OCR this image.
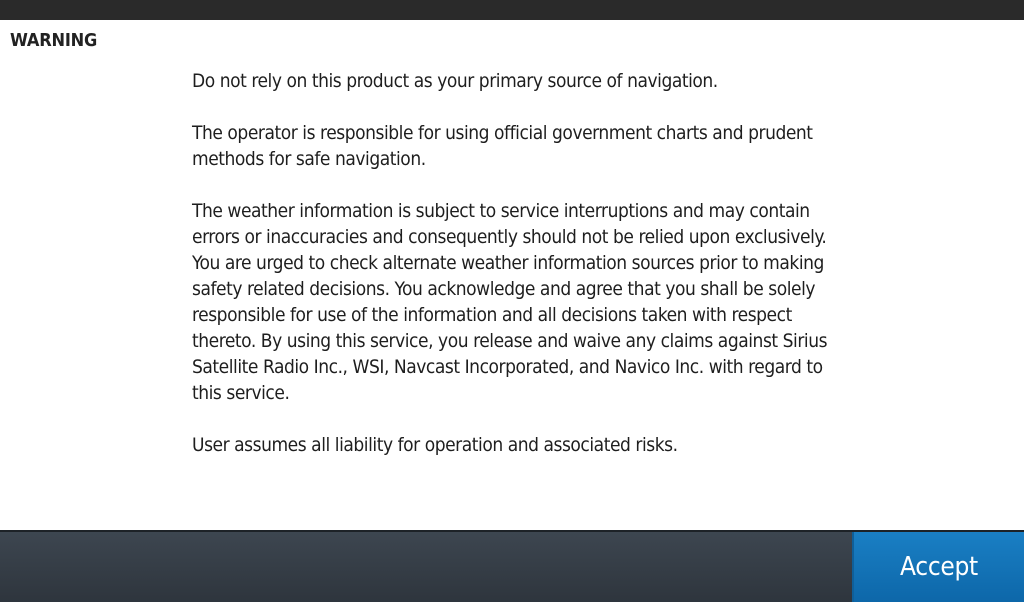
WARNING

Do not rely on this product as your primary source of navigation.

The operator is responsible for using official government charts and prudent methods for safe navigation.

The weather information is subject to service interruptions and may contain errors or inaccuracies and consequently should not be relied upon exclusively. You are urged to check alternate weather information sources prior to making safety related decisions. You acknowledge and agree that you shall be solely responsible for use of the information and all decisions taken with respect thereto. By using this service, you release and waive any claims against Sirius Satellite Radio Inc., WSI, Navcast Incorporated, and Navico Inc. with regard to this service.

User assumes all liability for operation and associated risks.

Accept
